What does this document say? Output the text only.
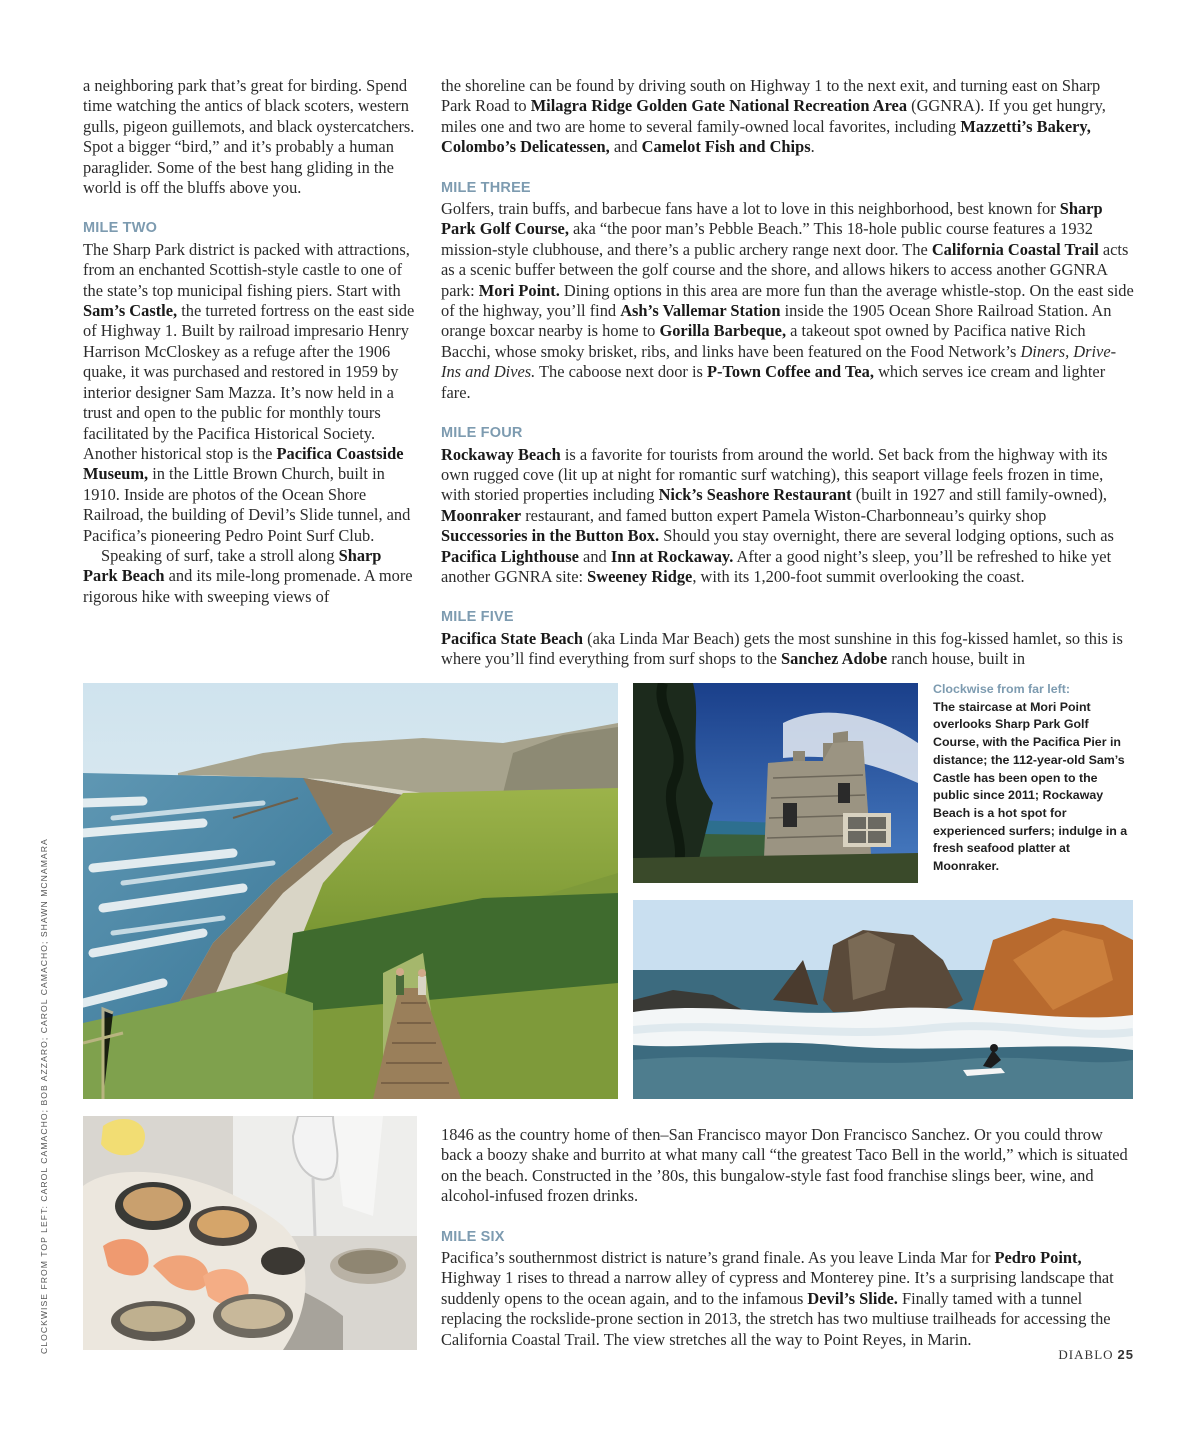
a neighboring park that’s great for birding. Spend time watching the antics of black scoters, western gulls, pigeon guillemots, and black oystercatchers. Spot a bigger “bird,” and it’s probably a human paraglider. Some of the best hang gliding in the world is off the bluffs above you.

MILE TWO

The Sharp Park district is packed with attractions, from an enchanted Scottish-style castle to one of the state’s top municipal fishing piers. Start with Sam’s Castle, the turreted fortress on the east side of Highway 1. Built by railroad impresario Henry Harrison McCloskey as a refuge after the 1906 quake, it was purchased and restored in 1959 by interior designer Sam Mazza. It’s now held in a trust and open to the public for monthly tours facilitated by the Pacifica Historical Society. Another historical stop is the Pacifica Coastside Museum, in the Little Brown Church, built in 1910. Inside are photos of the Ocean Shore Railroad, the building of Devil’s Slide tunnel, and Pacifica’s pioneering Pedro Point Surf Club.

Speaking of surf, take a stroll along Sharp Park Beach and its mile-long promenade. A more rigorous hike with sweeping views of

the shoreline can be found by driving south on Highway 1 to the next exit, and turning east on Sharp Park Road to Milagra Ridge Golden Gate National Recreation Area (GGNRA). If you get hungry, miles one and two are home to several family-owned local favorites, including Mazzetti’s Bakery, Colombo’s Delicatessen, and Camelot Fish and Chips.

MILE THREE

Golfers, train buffs, and barbecue fans have a lot to love in this neighborhood, best known for Sharp Park Golf Course, aka “the poor man’s Pebble Beach.” This 18-hole public course features a 1932 mission-style clubhouse, and there’s a public archery range next door. The California Coastal Trail acts as a scenic buffer between the golf course and the shore, and allows hikers to access another GGNRA park: Mori Point. Dining options in this area are more fun than the average whistle-stop. On the east side of the highway, you’ll find Ash’s Vallemar Station inside the 1905 Ocean Shore Railroad Station. An orange boxcar nearby is home to Gorilla Barbeque, a takeout spot owned by Pacifica native Rich Bacchi, whose smoky brisket, ribs, and links have been featured on the Food Network’s Diners, Drive-Ins and Dives. The caboose next door is P-Town Coffee and Tea, which serves ice cream and lighter fare.

MILE FOUR

Rockaway Beach is a favorite for tourists from around the world. Set back from the highway with its own rugged cove (lit up at night for romantic surf watching), this seaport village feels frozen in time, with storied properties including Nick’s Seashore Restaurant (built in 1927 and still family-owned), Moonraker restaurant, and famed button expert Pamela Wiston-Charbonneau’s quirky shop Successories in the Button Box. Should you stay overnight, there are several lodging options, such as Pacifica Lighthouse and Inn at Rockaway. After a good night’s sleep, you’ll be refreshed to hike yet another GGNRA site: Sweeney Ridge, with its 1,200-foot summit overlooking the coast.

MILE FIVE

Pacifica State Beach (aka Linda Mar Beach) gets the most sunshine in this fog-kissed hamlet, so this is where you’ll find everything from surf shops to the Sanchez Adobe ranch house, built in

Clockwise from far left:
The staircase at Mori Point overlooks Sharp Park Golf Course, with the Pacifica Pier in distance; the 112-year-old Sam’s Castle has been open to the public since 2011; Rockaway Beach is a hot spot for experienced surfers; indulge in a fresh seafood platter at Moonraker.

1846 as the country home of then–San Francisco mayor Don Francisco Sanchez. Or you could throw back a boozy shake and burrito at what many call “the greatest Taco Bell in the world,” which is situated on the beach. Constructed in the ’80s, this bungalow-style fast food franchise slings beer, wine, and alcohol-infused frozen drinks.

MILE SIX

Pacifica’s southernmost district is nature’s grand finale. As you leave Linda Mar for Pedro Point, Highway 1 rises to thread a narrow alley of cypress and Monterey pine. It’s a surprising landscape that suddenly opens to the ocean again, and to the infamous Devil’s Slide. Finally tamed with a tunnel replacing the rockslide-prone section in 2013, the stretch has two multiuse trailheads for accessing the California Coastal Trail. The view stretches all the way to Point Reyes, in Marin.

CLOCKWISE FROM TOP LEFT: CAROL CAMACHO; BOB AZZARO; CAROL CAMACHO; SHAWN MCNAMARA
DIABLO 25
